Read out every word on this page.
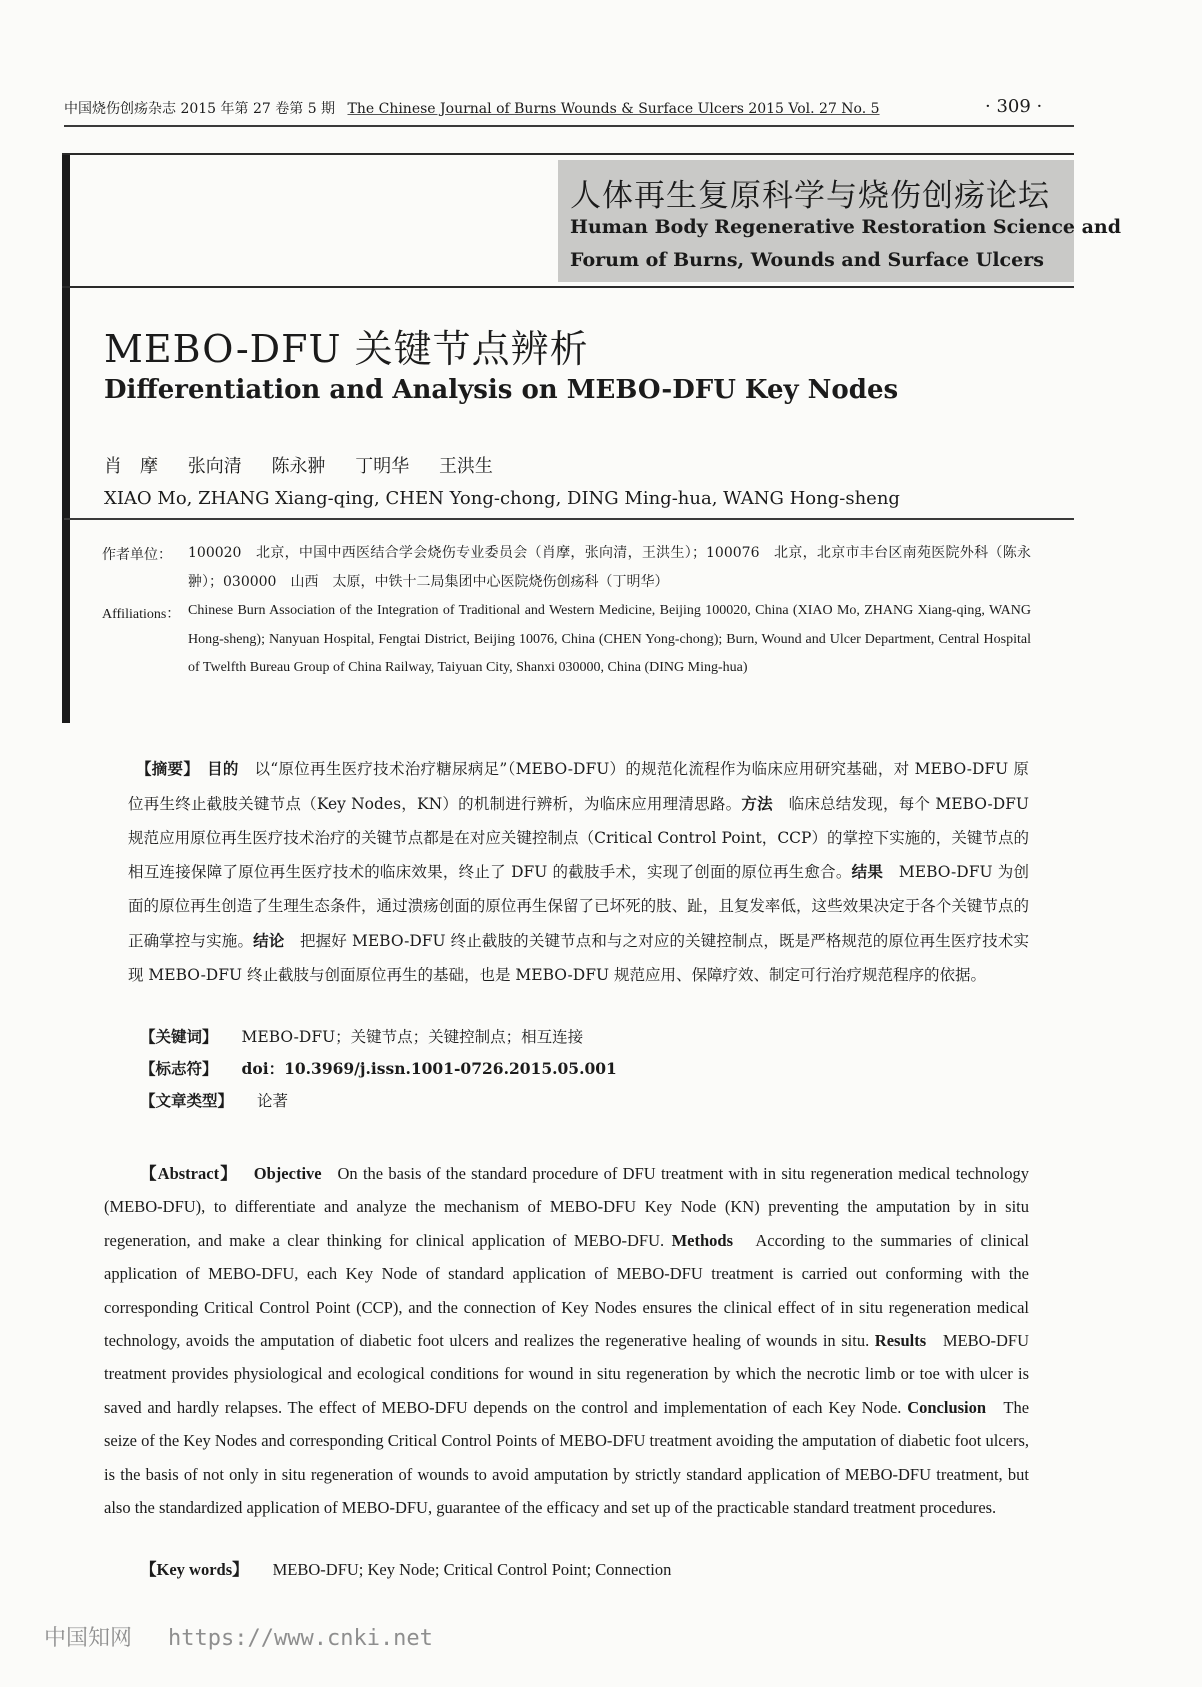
中国烧伤创疡杂志 2015 年第 27 卷第 5 期 The Chinese Journal of Burns Wounds & Surface Ulcers 2015 Vol. 27 No. 5	· 309 ·
人体再生复原科学与烧伤创疡论坛
Human Body Regenerative Restoration Science and
Forum of Burns, Wounds and Surface Ulcers
MEBO-DFU 关键节点辨析
Differentiation and Analysis on MEBO-DFU Key Nodes
肖　摩 张向清 陈永翀 丁明华 王洪生
XIAO Mo, ZHANG Xiang-qing, CHEN Yong-chong, DING Ming-hua, WANG Hong-sheng
作者单位： 100020　北京，中国中西医结合学会烧伤专业委员会（肖摩，张向清，王洪生）；100076　北京，北京市丰台区南苑医院外科（陈永翀）；030000　山西　太原，中铁十二局集团中心医院烧伤创疡科（丁明华）
Affiliations： Chinese Burn Association of the Integration of Traditional and Western Medicine, Beijing 100020, China (XIAO Mo, ZHANG Xiang-qing, WANG Hong-sheng); Nanyuan Hospital, Fengtai District, Beijing 10076, China (CHEN Yong-chong); Burn, Wound and Ulcer Department, Central Hospital of Twelfth Bureau Group of China Railway, Taiyuan City, Shanxi 030000, China (DING Ming-hua)
【摘要】　 目的　 以“原位再生医疗技术治疗糖尿病足”（MEBO-DFU）的规范化流程作为临床应用研究基础，对 MEBO-DFU 原位再生终止截肢关键节点（Key Nodes，KN）的机制进行辨析，为临床应用理清思路。方法　 临床总结发现，每个 MEBO-DFU 规范应用原位再生医疗技术治疗的关键节点都是在对应关键控制点（Critical Control Point，CCP）的掌控下实施的，关键节点的相互连接保障了原位再生医疗技术的临床效果，终止了 DFU 的截肢手术，实现了创面的原位再生愈合。结果　 MEBO-DFU 为创面的原位再生创造了生理生态条件，通过溃疡创面的原位再生保留了已坏死的肢、趾，且复发率低，这些效果决定于各个关键节点的正确掌控与实施。结论　 把握好 MEBO-DFU 终止截肢的关键节点和与之对应的关键控制点，既是严格规范的原位再生医疗技术实现 MEBO-DFU 终止截肢与创面原位再生的基础，也是 MEBO-DFU 规范应用、保障疗效、制定可行治疗规范程序的依据。
【关键词】 MEBO-DFU；关键节点；关键控制点；相互连接
【标志符】 doi：10.3969/j.issn.1001-0726.2015.05.001
【文章类型】 论著
【Abstract】 Objective On the basis of the standard procedure of DFU treatment with in situ regeneration medical technology (MEBO-DFU), to differentiate and analyze the mechanism of MEBO-DFU Key Node (KN) preventing the amputation by in situ regeneration, and make a clear thinking for clinical application of MEBO-DFU. Methods According to the summaries of clinical application of MEBO-DFU, each Key Node of standard application of MEBO-DFU treatment is carried out conforming with the corresponding Critical Control Point (CCP), and the connection of Key Nodes ensures the clinical effect of in situ regeneration medical technology, avoids the amputation of diabetic foot ulcers and realizes the regenerative healing of wounds in situ. Results MEBO-DFU treatment provides physiological and ecological conditions for wound in situ regeneration by which the necrotic limb or toe with ulcer is saved and hardly relapses. The effect of MEBO-DFU depends on the control and implementation of each Key Node. Conclusion The seize of the Key Nodes and corresponding Critical Control Points of MEBO-DFU treatment avoiding the amputation of diabetic foot ulcers, is the basis of not only in situ regeneration of wounds to avoid amputation by strictly standard application of MEBO-DFU treatment, but also the standardized application of MEBO-DFU, guarantee of the efficacy and set up of the practicable standard treatment procedures.
【Key words】 MEBO-DFU; Key Node; Critical Control Point; Connection
中国知网 https://www.cnki.net
